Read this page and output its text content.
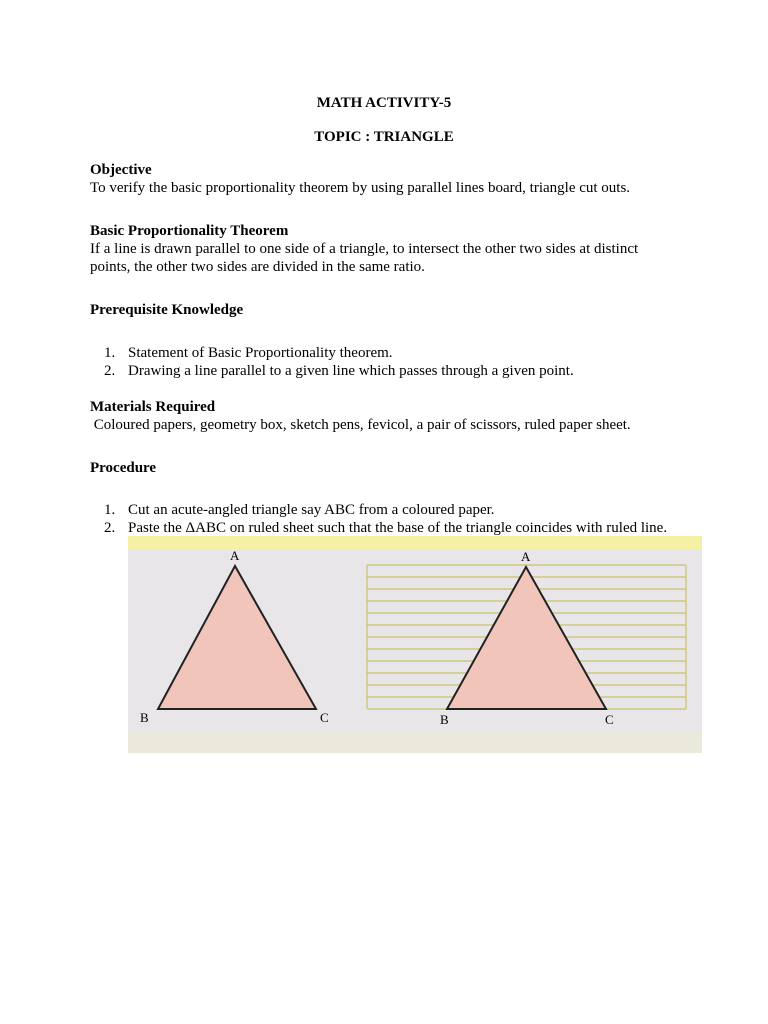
MATH ACTIVITY-5
TOPIC : TRIANGLE
Objective
To verify the basic proportionality theorem by using parallel lines board, triangle cut outs.
Basic Proportionality Theorem
If a line is drawn parallel to one side of a triangle, to intersect the other two sides at distinct
points, the other two sides are divided in the same ratio.
Prerequisite Knowledge
1. Statement of Basic Proportionality theorem.
2. Drawing a line parallel to a given line which passes through a given point.
Materials Required
Coloured papers, geometry box, sketch pens, fevicol, a pair of scissors, ruled paper sheet.
Procedure
1. Cut an acute-angled triangle say ABC from a coloured paper.
2. Paste the ΔABC on ruled sheet such that the base of the triangle coincides with ruled line.
A
B	C
A
B	C
